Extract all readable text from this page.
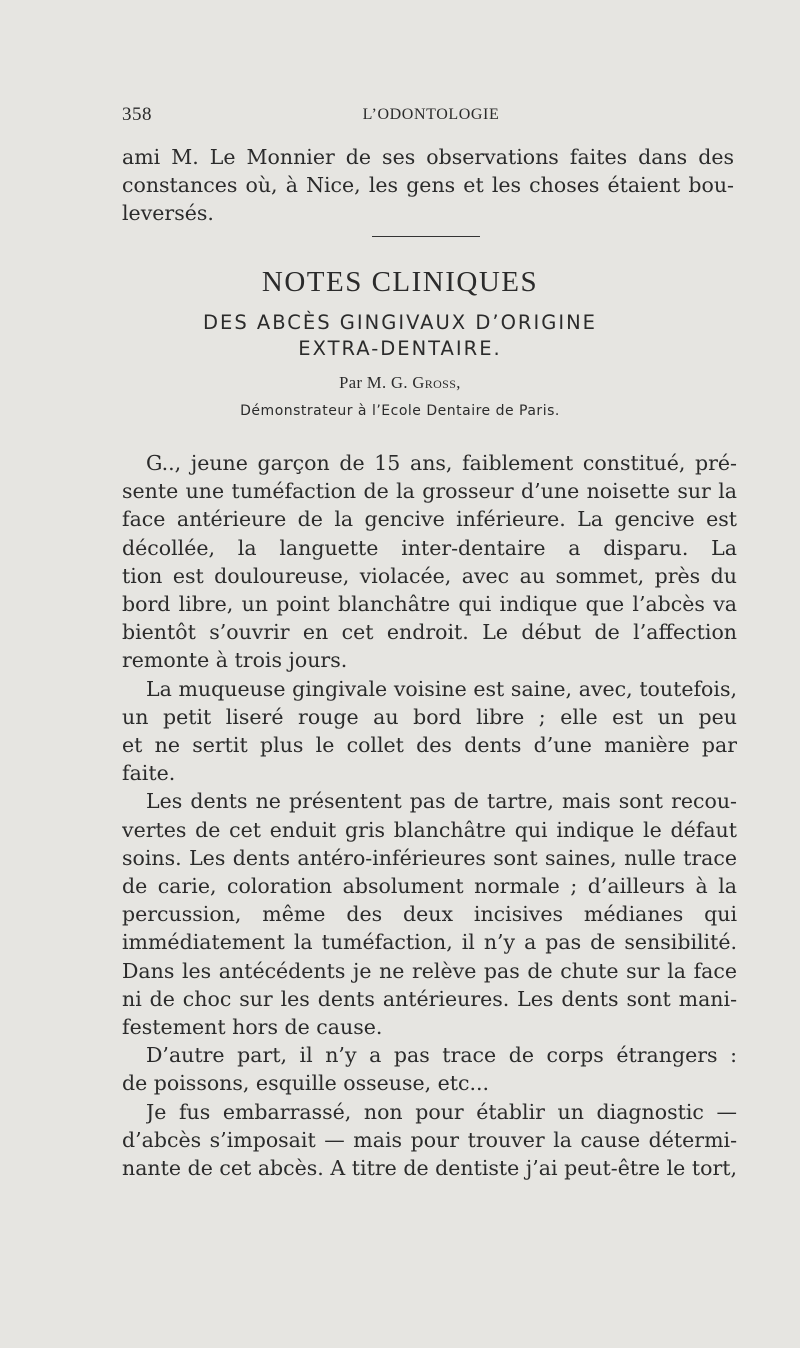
358	L’ODONTOLOGIE
ami M. Le Monnier de ses observations faites dans des
constances où, à Nice, les gens et les choses étaient bou-
leversés.
NOTES CLINIQUES
DES ABCÈS GINGIVAUX D’ORIGINE
EXTRA-DENTAIRE.
Par M. G. Gross,
Démonstrateur à l’Ecole Dentaire de Paris.
G.., jeune garçon de 15 ans, faiblement constitué, pré-
sente une tuméfaction de la grosseur d’une noisette sur la
face antérieure de la gencive inférieure. La gencive est
décollée, la languette inter-dentaire a disparu. La
tion est douloureuse, violacée, avec au sommet, près du
bord libre, un point blanchâtre qui indique que l’abcès va
bientôt s’ouvrir en cet endroit. Le début de l’affection
remonte à trois jours.
La muqueuse gingivale voisine est saine, avec, toutefois,
un petit liseré rouge au bord libre ; elle est un peu
et ne sertit plus le collet des dents d’une manière par
faite.
Les dents ne présentent pas de tartre, mais sont recou-
vertes de cet enduit gris blanchâtre qui indique le défaut
soins. Les dents antéro-inférieures sont saines, nulle trace
de carie, coloration absolument normale ; d’ailleurs à la
percussion, même des deux incisives médianes qui
immédiatement la tuméfaction, il n’y a pas de sensibilité.
Dans les antécédents je ne relève pas de chute sur la face
ni de choc sur les dents antérieures. Les dents sont mani-
festement hors de cause.
D’autre part, il n’y a pas trace de corps étrangers :
de poissons, esquille osseuse, etc...
Je fus embarrassé, non pour établir un diagnostic —
d’abcès s’imposait — mais pour trouver la cause détermi-
nante de cet abcès. A titre de dentiste j’ai peut-être le tort,
